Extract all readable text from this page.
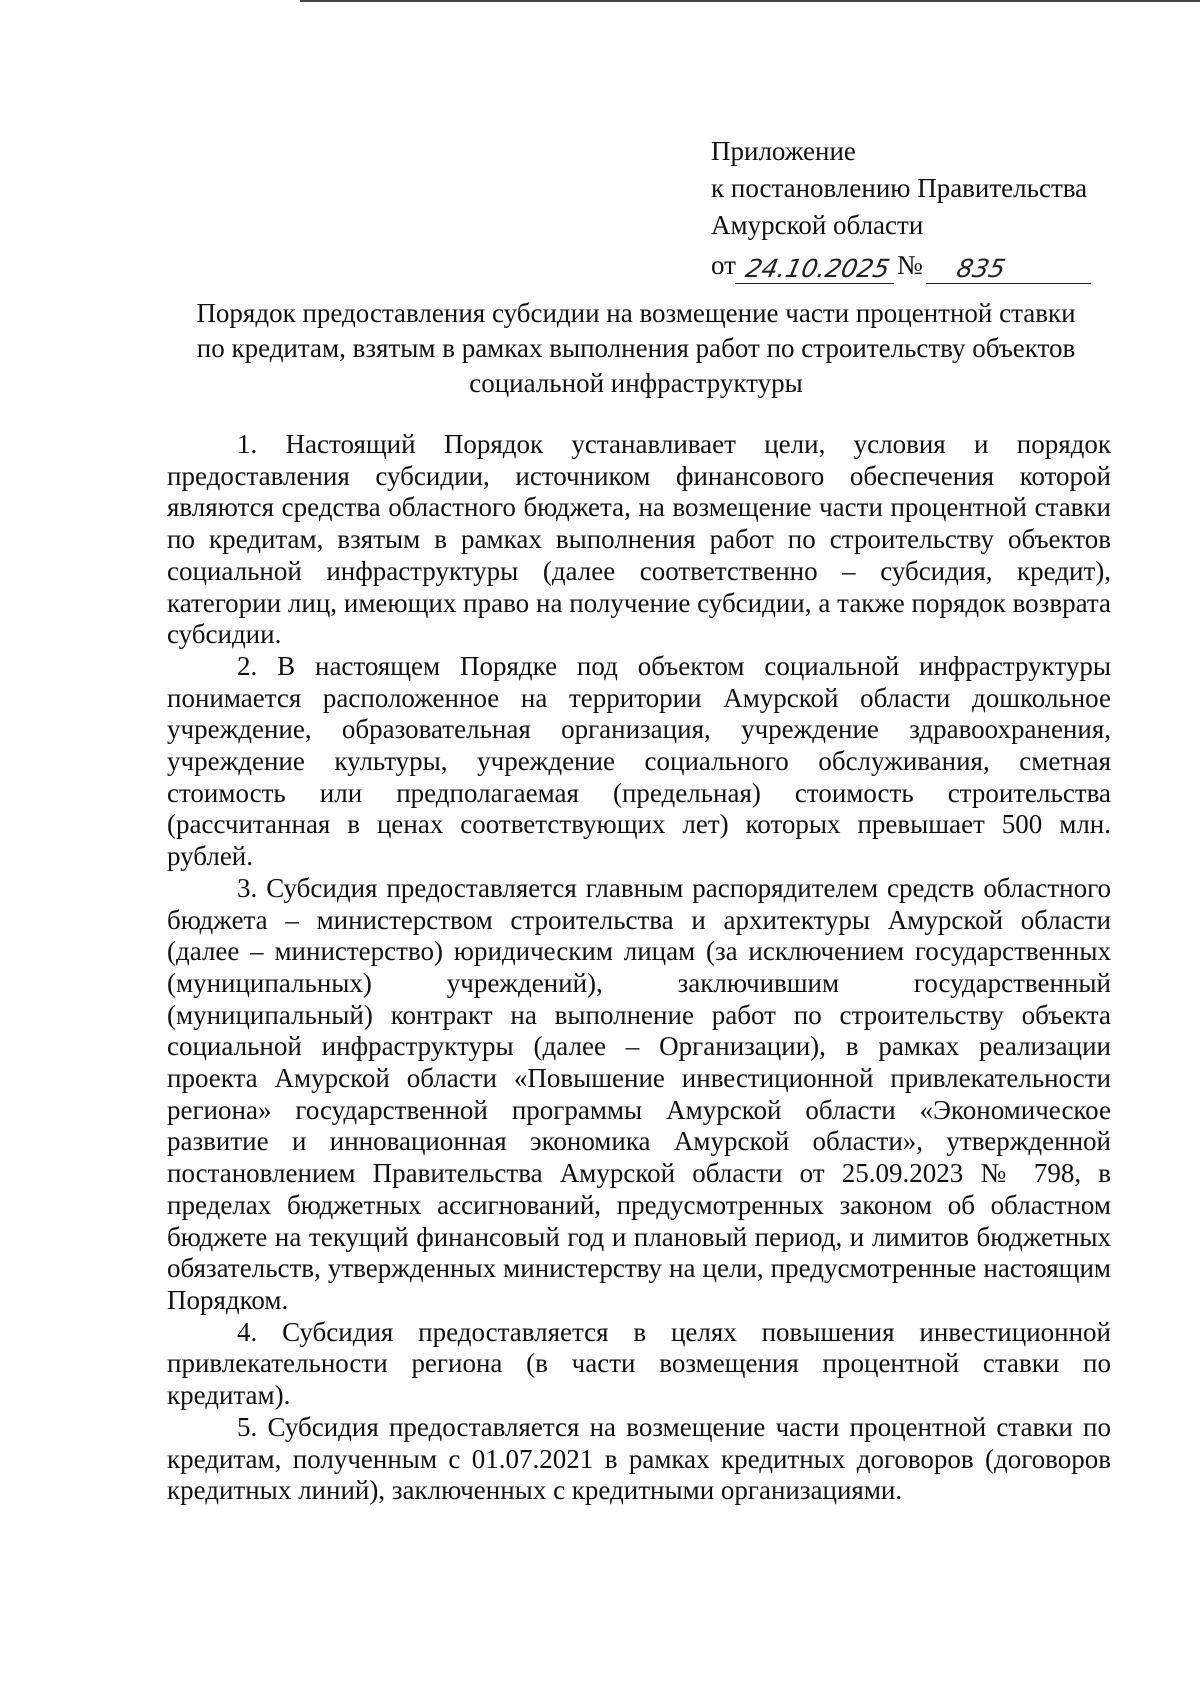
Приложение
к постановлению Правительства
Амурской области
от 24.10.2025 №	835
Порядок предоставления субсидии на возмещение части процентной ставки
по кредитам, взятым в рамках выполнения работ по строительству объектов
социальной инфраструктуры

1. Настоящий Порядок устанавливает цели, условия и порядок предоставления субсидии, источником финансового обеспечения которой являются средства областного бюджета, на возмещение части процентной ставки по кредитам, взятым в рамках выполнения работ по строительству объектов социальной инфраструктуры (далее соответственно – субсидия, кредит), категории лиц, имеющих право на получение субсидии, а также порядок возврата субсидии.

2. В настоящем Порядке под объектом социальной инфраструктуры понимается расположенное на территории Амурской области дошкольное учреждение, образовательная организация, учреждение здравоохранения, учреждение культуры, учреждение социального обслуживания, сметная стоимость или предполагаемая (предельная) стоимость строительства (рассчитанная в ценах соответствующих лет) которых превышает 500 млн. рублей.

3. Субсидия предоставляется главным распорядителем средств областного бюджета – министерством строительства и архитектуры Амурской области (далее – министерство) юридическим лицам (за исключением государственных (муниципальных) учреждений), заключившим государственный (муниципальный) контракт на выполнение работ по строительству объекта социальной инфраструктуры (далее – Организации), в рамках реализации проекта Амурской области «Повышение инвестиционной привлекательности региона» государственной программы Амурской области «Экономическое развитие и инновационная экономика Амурской области», утвержденной постановлением Правительства Амурской области от 25.09.2023 № 798, в пределах бюджетных ассигнований, предусмотренных законом об областном бюджете на текущий финансовый год и плановый период, и лимитов бюджетных обязательств, утвержденных министерству на цели, предусмотренные настоящим Порядком.

4. Субсидия предоставляется в целях повышения инвестиционной привлекательности региона (в части возмещения процентной ставки по кредитам).

5. Субсидия предоставляется на возмещение части процентной ставки по кредитам, полученным с 01.07.2021 в рамках кредитных договоров (договоров кредитных линий), заключенных с кредитными организациями.
